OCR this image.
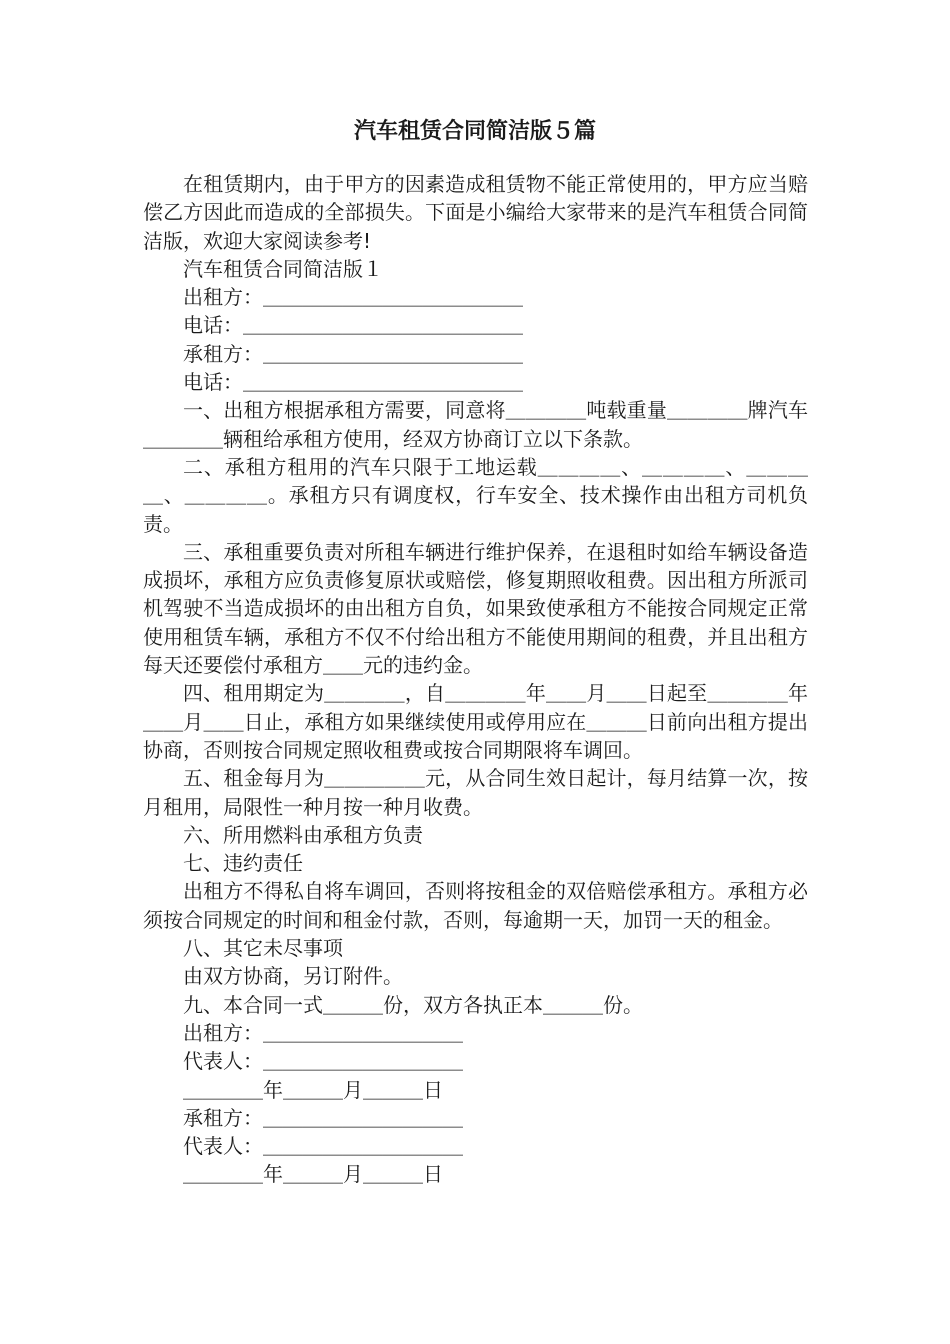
汽车租赁合同简洁版５篇

在租赁期内，由于甲方的因素造成租赁物不能正常使用的，甲方应当赔偿乙方因此而造成的全部损失。下面是小编给大家带来的是汽车租赁合同简洁版，欢迎大家阅读参考!

汽车租赁合同简洁版１

出租方：＿＿＿＿＿＿＿＿＿＿＿＿＿

电话：＿＿＿＿＿＿＿＿＿＿＿＿＿＿

承租方：＿＿＿＿＿＿＿＿＿＿＿＿＿

电话：＿＿＿＿＿＿＿＿＿＿＿＿＿＿

一、出租方根据承租方需要，同意将＿＿＿＿吨载重量＿＿＿＿牌汽车＿＿＿＿辆租给承租方使用，经双方协商订立以下条款。

二、承租方租用的汽车只限于工地运载＿＿＿＿、＿＿＿＿、＿＿＿＿、＿＿＿＿。承租方只有调度权，行车安全、技术操作由出租方司机负责。

三、承租重要负责对所租车辆进行维护保养，在退租时如给车辆设备造成损坏，承租方应负责修复原状或赔偿，修复期照收租费。因出租方所派司机驾驶不当造成损坏的由出租方自负，如果致使承租方不能按合同规定正常使用租赁车辆，承租方不仅不付给出租方不能使用期间的租费，并且出租方每天还要偿付承租方＿＿元的违约金。

四、租用期定为＿＿＿＿，自＿＿＿＿年＿＿月＿＿日起至＿＿＿＿年＿＿月＿＿日止，承租方如果继续使用或停用应在＿＿＿日前向出租方提出协商，否则按合同规定照收租费或按合同期限将车调回。

五、租金每月为＿＿＿＿＿元，从合同生效日起计，每月结算一次，按月租用，局限性一种月按一种月收费。

六、所用燃料由承租方负责

七、违约责任

出租方不得私自将车调回，否则将按租金的双倍赔偿承租方。承租方必须按合同规定的时间和租金付款，否则，每逾期一天，加罚一天的租金。

八、其它未尽事项

由双方协商，另订附件。

九、本合同一式＿＿＿份，双方各执正本＿＿＿份。

出租方：＿＿＿＿＿＿＿＿＿＿

代表人：＿＿＿＿＿＿＿＿＿＿

＿＿＿＿年＿＿＿月＿＿＿日

承租方：＿＿＿＿＿＿＿＿＿＿

代表人：＿＿＿＿＿＿＿＿＿＿

＿＿＿＿年＿＿＿月＿＿＿日
